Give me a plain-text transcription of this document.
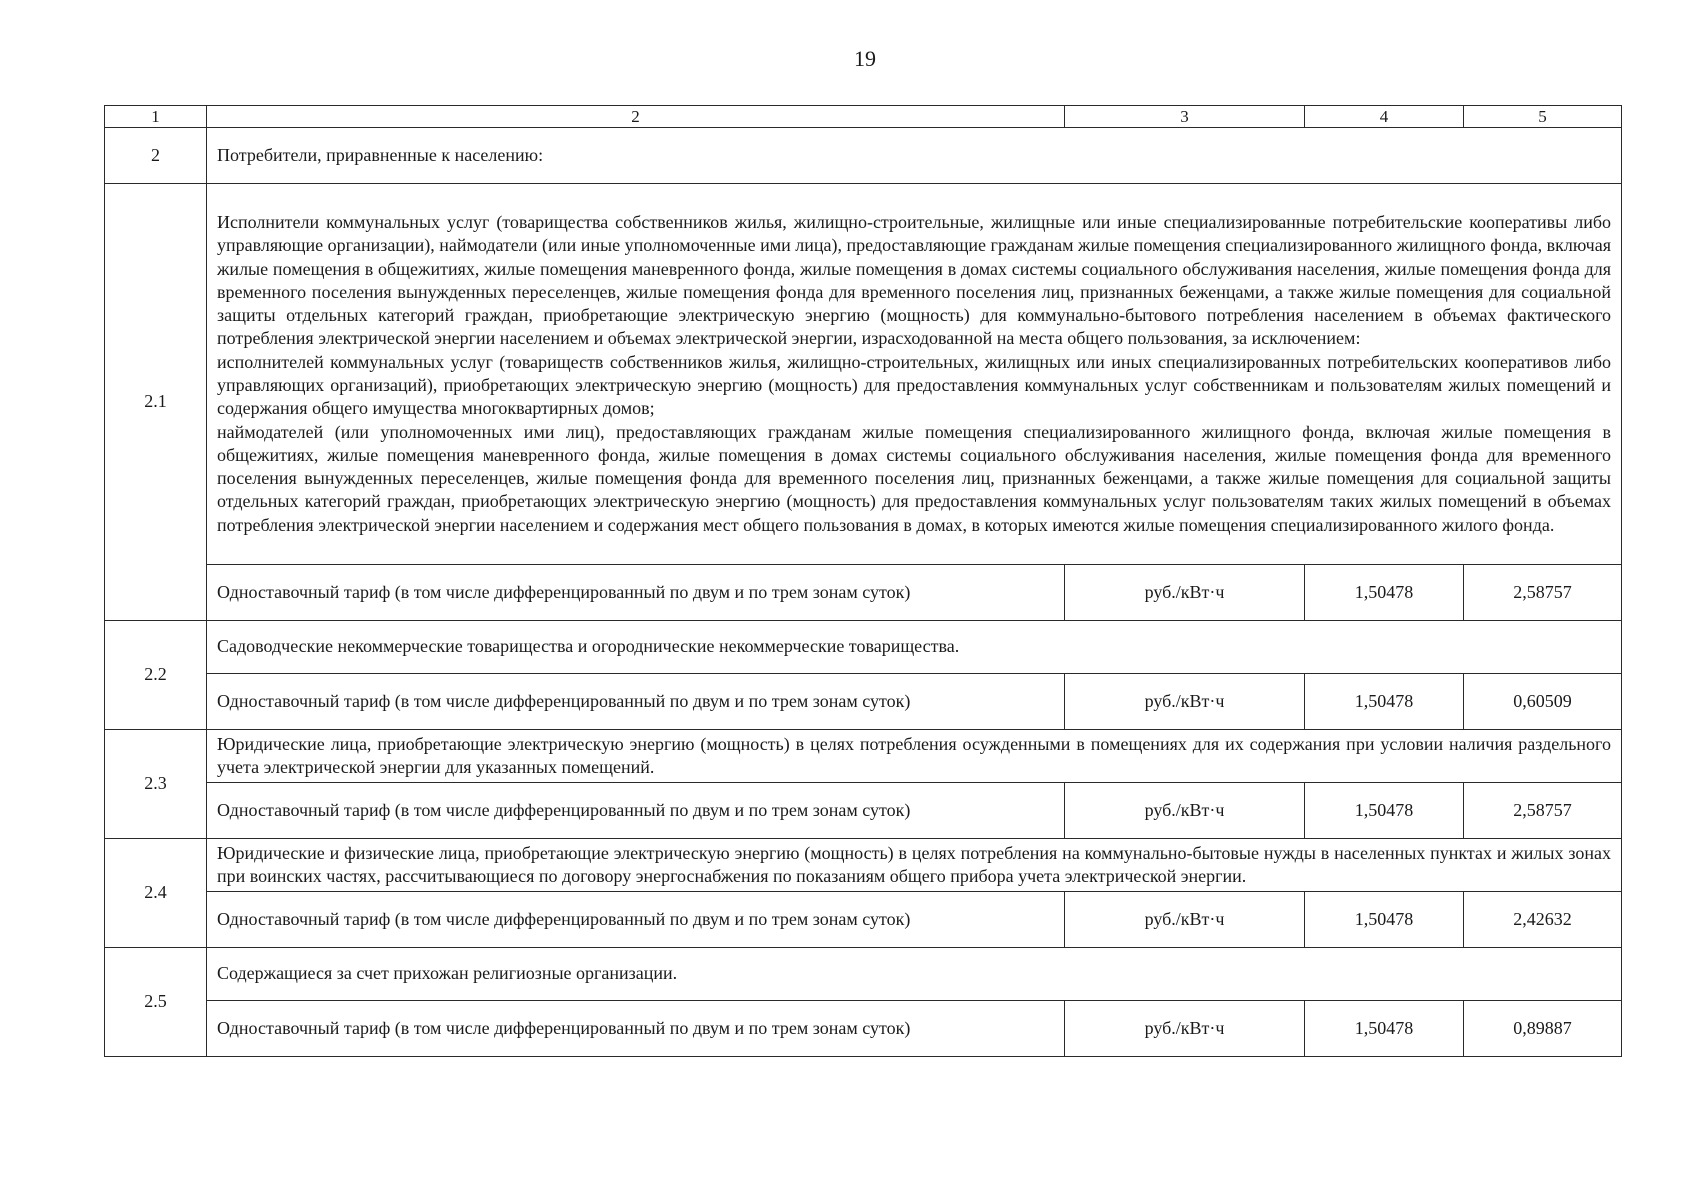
19
1	2	3	4	5
2	Потребители, приравненные к населению:			
2.1	Исполнители коммунальных услуг (товарищества собственников жилья, жилищно-строительные, жилищные или иные специализированные потребительские кооперативы либо управляющие организации), наймодатели (или иные уполномоченные ими лица), предоставляющие гражданам жилые помещения специализированного жилищного фонда, включая жилые помещения в общежитиях, жилые помещения маневренного фонда, жилые помещения в домах системы социального обслуживания населения, жилые помещения фонда для временного поселения вынужденных переселенцев, жилые помещения фонда для временного поселения лиц, признанных беженцами, а также жилые помещения для социальной защиты отдельных категорий граждан, приобретающие электрическую энергию (мощность) для коммунально-бытового потребления населением в объемах фактического потребления электрической энергии населением и объемах электрической энергии, израсходованной на места общего пользования, за исключением:
исполнителей коммунальных услуг (товариществ собственников жилья, жилищно-строительных, жилищных или иных специализированных потребительских кооперативов либо управляющих организаций), приобретающих электрическую энергию (мощность) для предоставления коммунальных услуг собственникам и пользователям жилых помещений и содержания общего имущества многоквартирных домов;
наймодателей (или уполномоченных ими лиц), предоставляющих гражданам жилые помещения специализированного жилищного фонда, включая жилые помещения в общежитиях, жилые помещения маневренного фонда, жилые помещения в домах системы социального обслуживания населения, жилые помещения фонда для временного поселения вынужденных переселенцев, жилые помещения фонда для временного поселения лиц, признанных беженцами, а также жилые помещения для социальной защиты отдельных категорий граждан, приобретающих электрическую энергию (мощность) для предоставления коммунальных услуг пользователям таких жилых помещений в объемах потребления электрической энергии населением и содержания мест общего пользования в домах, в которых имеются жилые помещения специализированного жилого фонда.			

	Одноставочный тариф (в том числе дифференцированный по двум и по трем зонам суток)	руб./кВт·ч	1,50478	2,58757
2.2	Садоводческие некоммерческие товарищества и огороднические некоммерческие товарищества.			
	Одноставочный тариф (в том числе дифференцированный по двум и по трем зонам суток)	руб./кВт·ч	1,50478	0,60509
2.3	Юридические лица, приобретающие электрическую энергию (мощность) в целях потребления осужденными в помещениях для их содержания при условии наличия раздельного учета электрической энергии для указанных помещений.			
	Одноставочный тариф (в том числе дифференцированный по двум и по трем зонам суток)	руб./кВт·ч	1,50478	2,58757
2.4	Юридические и физические лица, приобретающие электрическую энергию (мощность) в целях потребления на коммунально-бытовые нужды в населенных пунктах и жилых зонах при воинских частях, рассчитывающиеся по договору энергоснабжения по показаниям общего прибора учета электрической энергии.			
	Одноставочный тариф (в том числе дифференцированный по двум и по трем зонам суток)	руб./кВт·ч	1,50478	2,42632
2.5	Содержащиеся за счет прихожан религиозные организации.			
	Одноставочный тариф (в том числе дифференцированный по двум и по трем зонам суток)	руб./кВт·ч	1,50478	0,89887
